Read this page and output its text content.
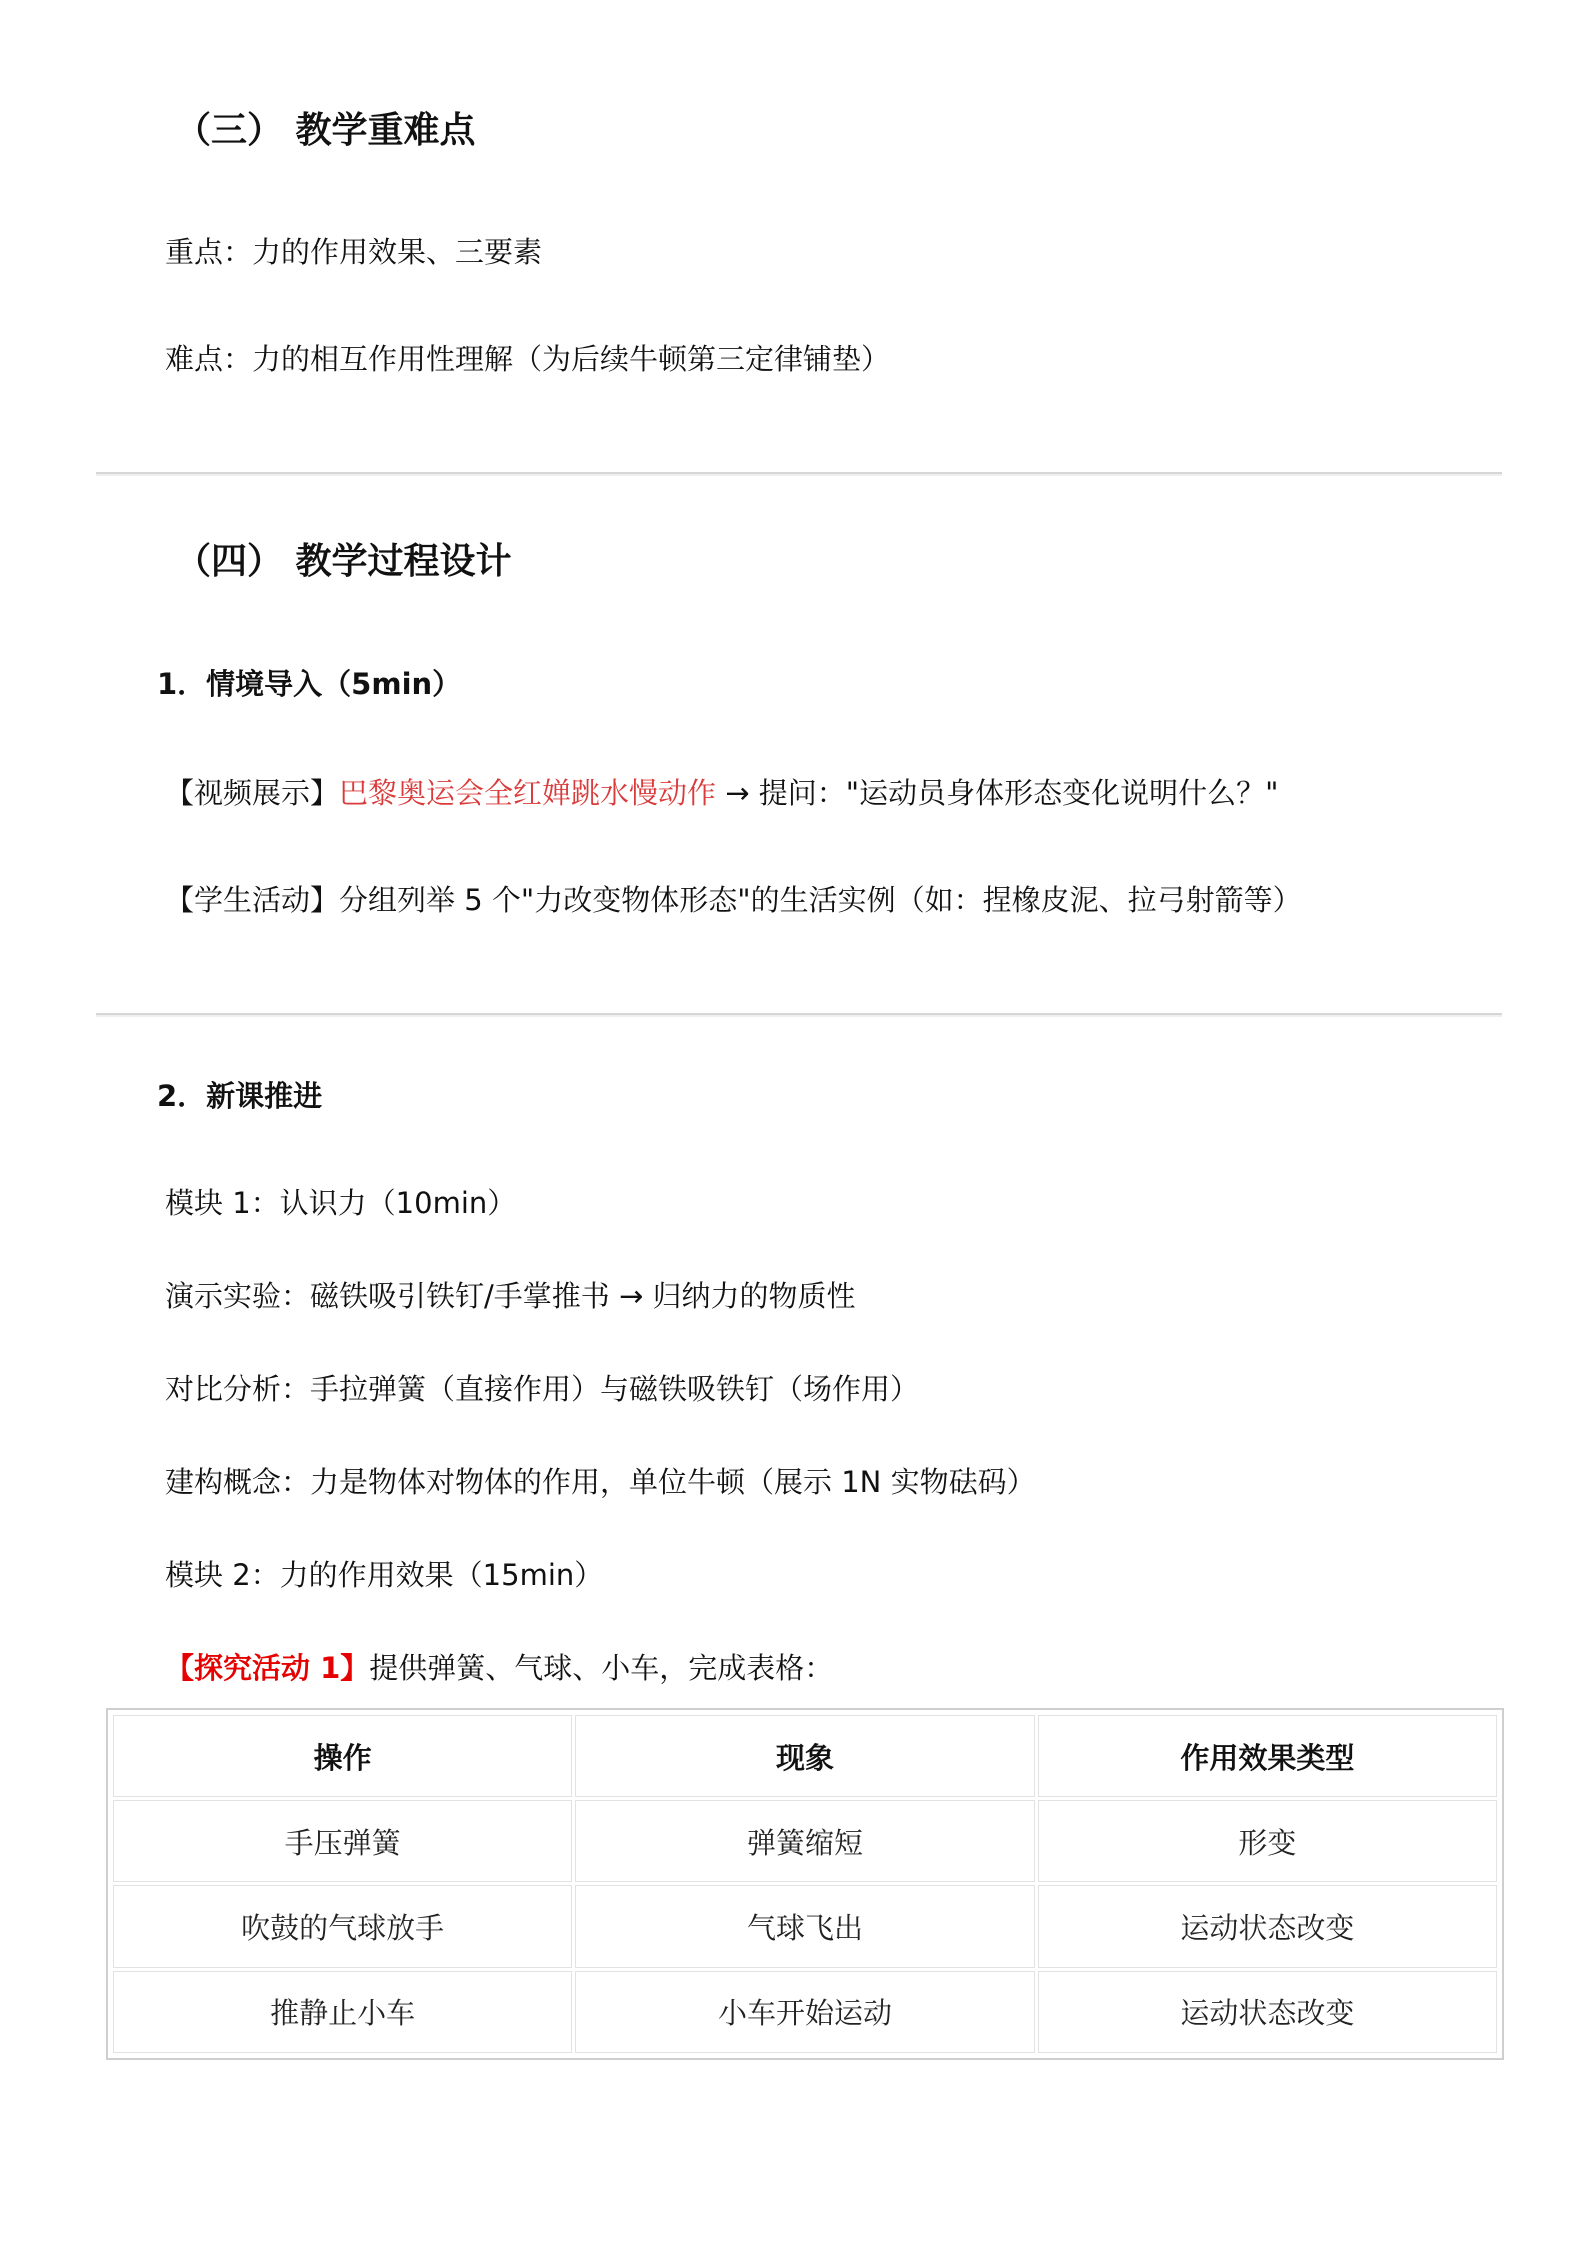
（三） 教学重难点
重点：力的作用效果、三要素
难点：力的相互作用性理解（为后续牛顿第三定律铺垫）
（四） 教学过程设计
1．情境导入（5min）
【视频展示】巴黎奥运会全红婵跳水慢动作 → 提问："运动员身体形态变化说明什么？"
【学生活动】分组列举 5 个"力改变物体形态"的生活实例（如：捏橡皮泥、拉弓射箭等）
2．新课推进
模块 1：认识力（10min）
演示实验：磁铁吸引铁钉/手掌推书 → 归纳力的物质性
对比分析：手拉弹簧（直接作用）与磁铁吸铁钉（场作用）
建构概念：力是物体对物体的作用，单位牛顿（展示 1N 实物砝码）
模块 2：力的作用效果（15min）
【探究活动 1】提供弹簧、气球、小车，完成表格：
操作	现象	作用效果类型
手压弹簧	弹簧缩短	形变
吹鼓的气球放手	气球飞出	运动状态改变
推静止小车	小车开始运动	运动状态改变
